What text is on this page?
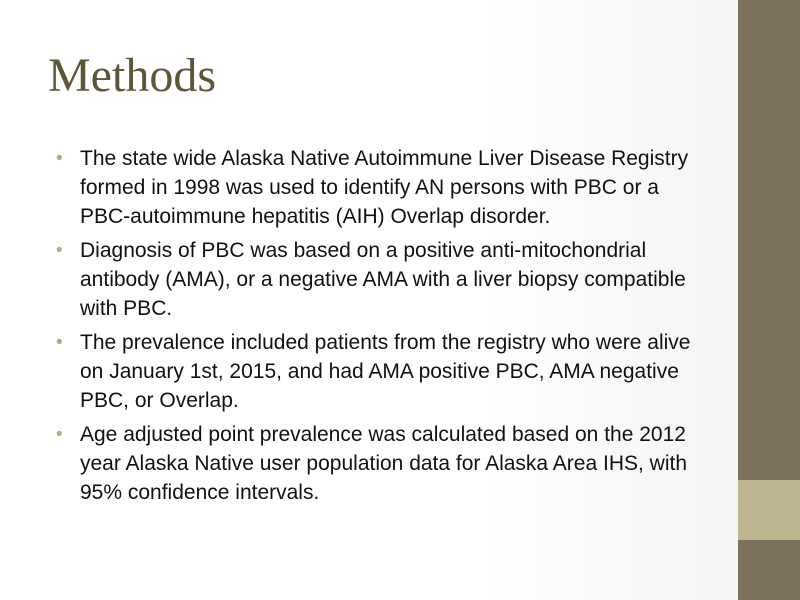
Methods
• The state wide Alaska Native Autoimmune Liver Disease Registry formed in 1998 was used to identify AN persons with PBC or a PBC-autoimmune hepatitis (AIH) Overlap disorder.
• Diagnosis of PBC was based on a positive anti-mitochondrial antibody (AMA), or a negative AMA with a liver biopsy compatible with PBC.
• The prevalence included patients from the registry who were alive on January 1st, 2015, and had AMA positive PBC, AMA negative PBC, or Overlap.
• Age adjusted point prevalence was calculated based on the 2012 year Alaska Native user population data for Alaska Area IHS, with 95% confidence intervals.
